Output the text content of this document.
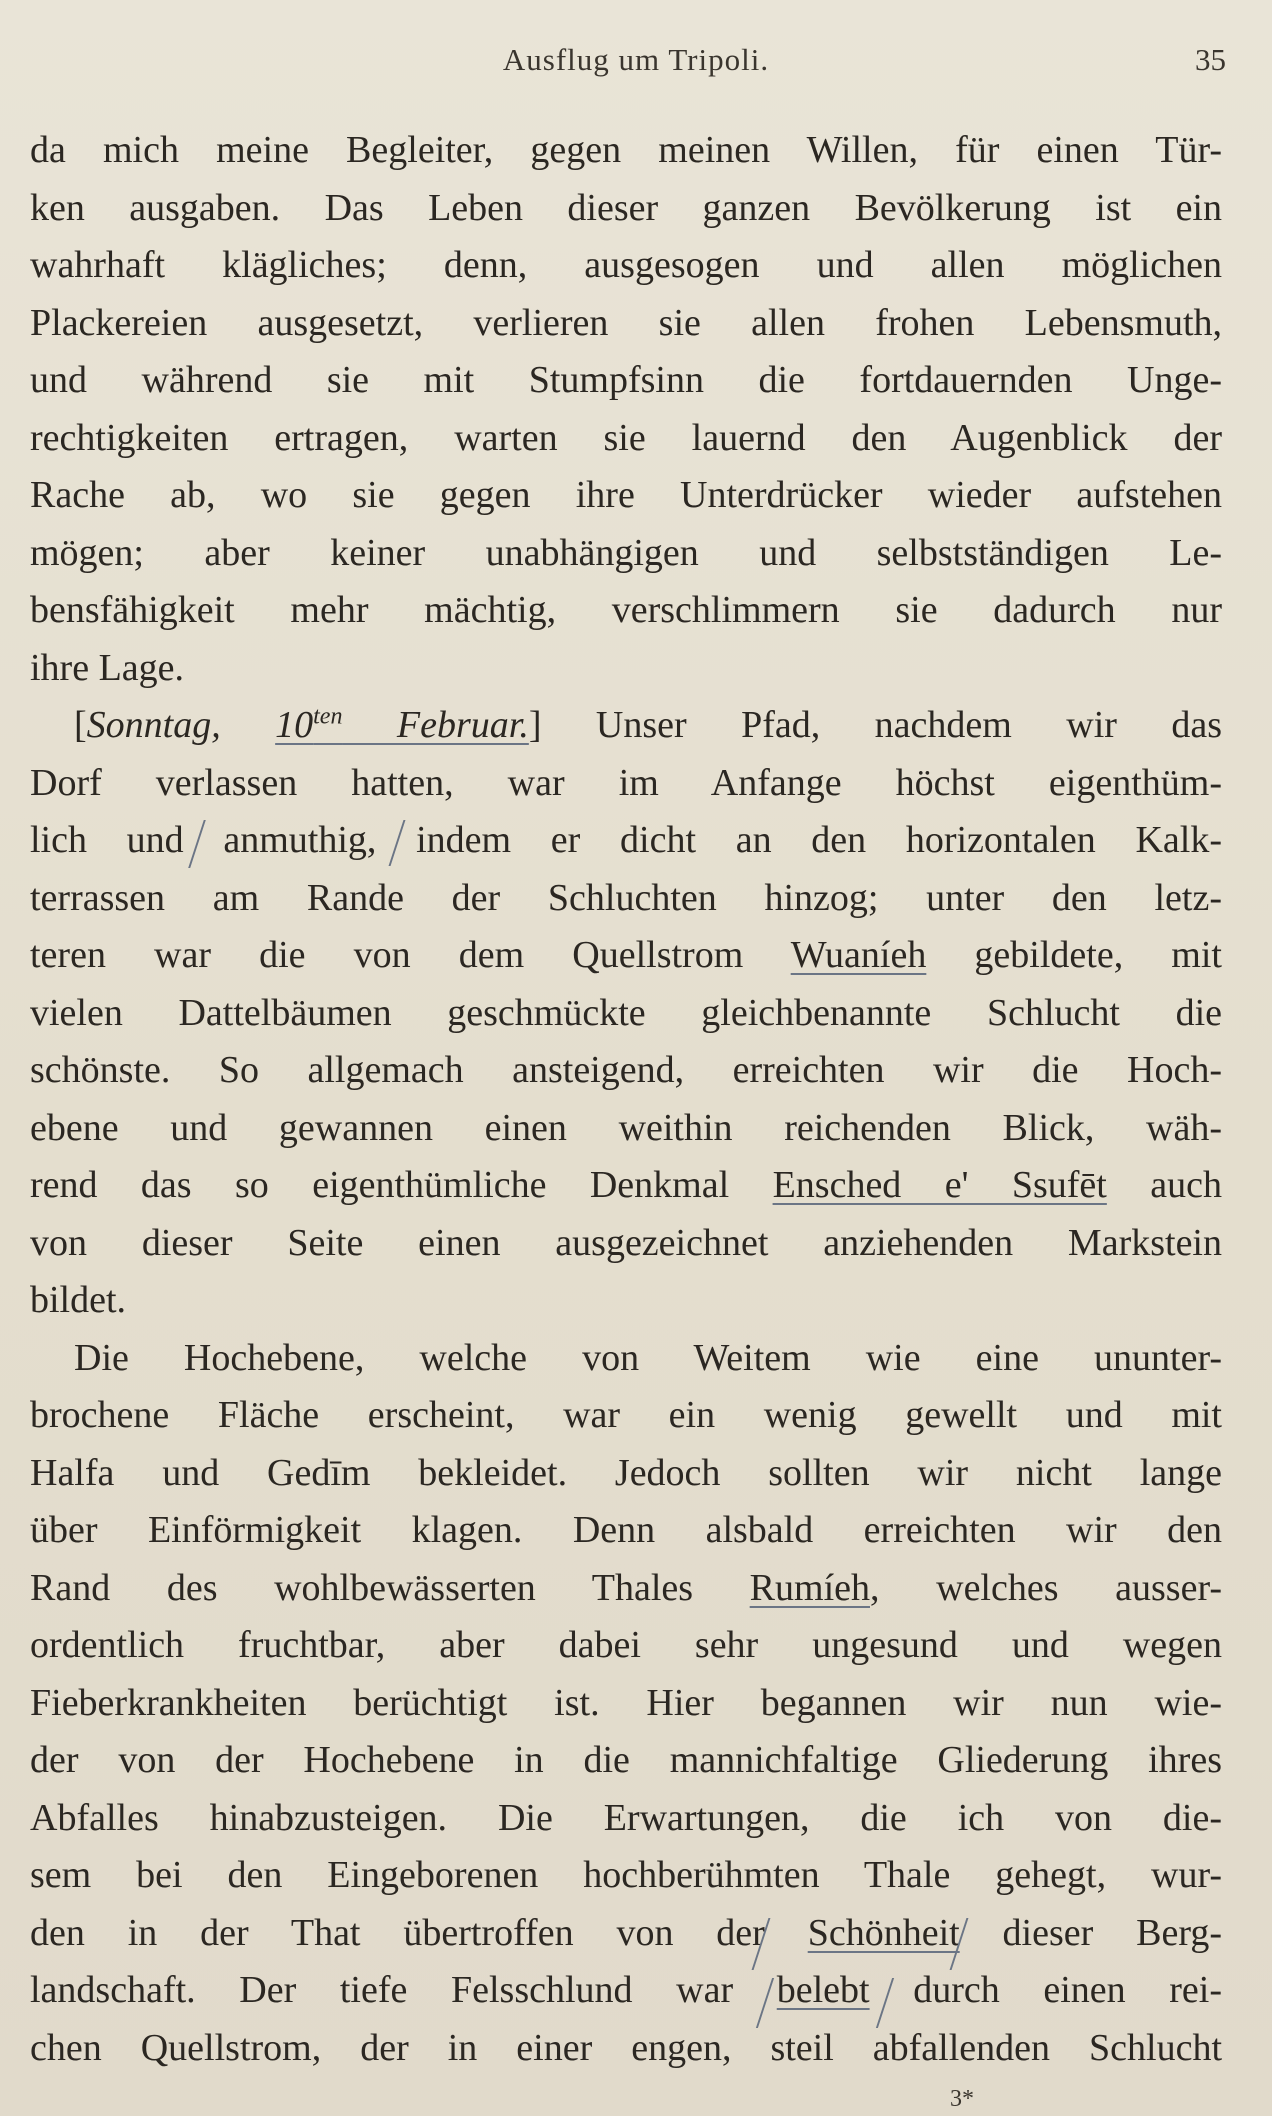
Ausflug um Tripoli.	35
da mich meine Begleiter, gegen meinen Willen, für einen Tür-
ken ausgaben. Das Leben dieser ganzen Bevölkerung ist ein
wahrhaft klägliches; denn, ausgesogen und allen möglichen
Plackereien ausgesetzt, verlieren sie allen frohen Lebensmuth,
und während sie mit Stumpfsinn die fortdauernden Unge-
rechtigkeiten ertragen, warten sie lauernd den Augenblick der
Rache ab, wo sie gegen ihre Unterdrücker wieder aufstehen
mögen; aber keiner unabhängigen und selbstständigen Le-
bensfähigkeit mehr mächtig, verschlimmern sie dadurch nur
ihre Lage.
[Sonntag, $10^{ten}$ Februar.] Unser Pfad, nachdem wir das
Dorf verlassen hatten, war im Anfange höchst eigenthüm-
lich und anmuthig, indem er dicht an den horizontalen Kalk-
terrassen am Rande der Schluchten hinzog; unter den letz-
teren war die von dem Quellstrom Wuaníeh gebildete, mit
vielen Dattelbäumen geschmückte gleichbenannte Schlucht die
schönste. So allgemach ansteigend, erreichten wir die Hoch-
ebene und gewannen einen weithin reichenden Blick, wäh-
rend das so eigenthümliche Denkmal Ensched e' Ssufēt auch
von dieser Seite einen ausgezeichnet anziehenden Markstein
bildet.
Die Hochebene, welche von Weitem wie eine ununter-
brochene Fläche erscheint, war ein wenig gewellt und mit
Halfa und Gedīm bekleidet. Jedoch sollten wir nicht lange
über Einförmigkeit klagen. Denn alsbald erreichten wir den
Rand des wohlbewässerten Thales Rumíeh, welches ausser-
ordentlich fruchtbar, aber dabei sehr ungesund und wegen
Fieberkrankheiten berüchtigt ist. Hier begannen wir nun wie-
der von der Hochebene in die mannichfaltige Gliederung ihres
Abfalles hinabzusteigen. Die Erwartungen, die ich von die-
sem bei den Eingeborenen hochberühmten Thale gehegt, wur-
den in der That übertroffen von der Schönheit dieser Berg-
landschaft. Der tiefe Felsschlund war belebt durch einen rei-
chen Quellstrom, der in einer engen, steil abfallenden Schlucht
3*
